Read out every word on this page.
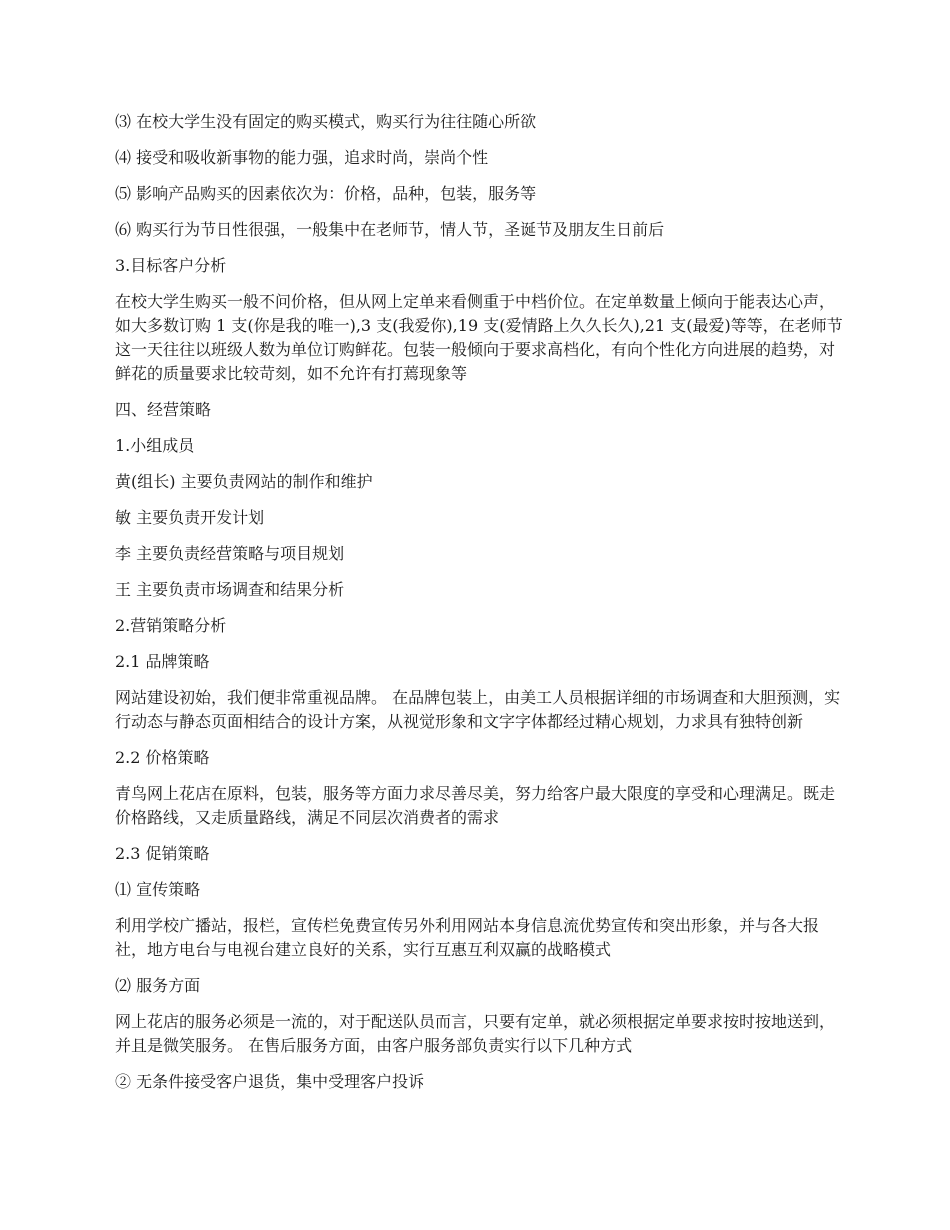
⑶ 在校大学生没有固定的购买模式，购买行为往往随心所欲

⑷ 接受和吸收新事物的能力强，追求时尚，崇尚个性

⑸ 影响产品购买的因素依次为：价格，品种，包装，服务等

⑹ 购买行为节日性很强，一般集中在老师节，情人节，圣诞节及朋友生日前后

3.目标客户分析

在校大学生购买一般不问价格，但从网上定单来看侧重于中档价位。在定单数量上倾向于能表达心声，如大多数订购 1 支(你是我的唯一),3 支(我爱你),19 支(爱情路上久久长久),21 支(最爱)等等，在老师节这一天往往以班级人数为单位订购鲜花。包装一般倾向于要求高档化，有向个性化方向进展的趋势，对鲜花的质量要求比较苛刻，如不允许有打蔫现象等

四、经营策略

1.小组成员

黄(组长) 主要负责网站的制作和维护

敏 主要负责开发计划

李 主要负责经营策略与项目规划

王 主要负责市场调查和结果分析

2.营销策略分析

2.1 品牌策略

网站建设初始，我们便非常重视品牌。 在品牌包装上，由美工人员根据详细的市场调查和大胆预测，实行动态与静态页面相结合的设计方案，从视觉形象和文字字体都经过精心规划，力求具有独特创新

2.2 价格策略

青鸟网上花店在原料，包装，服务等方面力求尽善尽美，努力给客户最大限度的享受和心理满足。既走价格路线，又走质量路线，满足不同层次消费者的需求

2.3 促销策略

⑴ 宣传策略

利用学校广播站，报栏，宣传栏免费宣传另外利用网站本身信息流优势宣传和突出形象，并与各大报社，地方电台与电视台建立良好的关系，实行互惠互利双赢的战略模式

⑵ 服务方面

网上花店的服务必须是一流的，对于配送队员而言，只要有定单，就必须根据定单要求按时按地送到，并且是微笑服务。 在售后服务方面，由客户服务部负责实行以下几种方式

② 无条件接受客户退货，集中受理客户投诉
